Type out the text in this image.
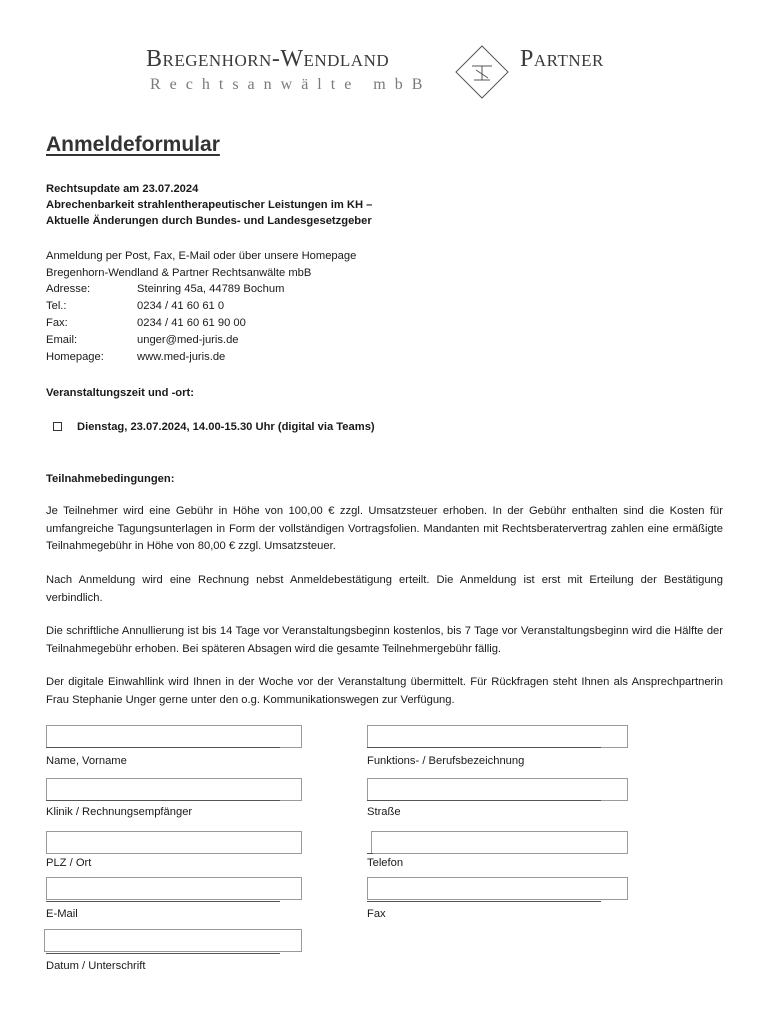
Bregenhorn-Wendland	Partner
Rechtsanwälte mbB
Anmeldeformular
Rechtsupdate am 23.07.2024
Abrechenbarkeit strahlentherapeutischer Leistungen im KH –
Aktuelle Änderungen durch Bundes- und Landesgesetzgeber
Anmeldung per Post, Fax, E-Mail oder über unsere Homepage
Bregenhorn-Wendland & Partner Rechtsanwälte mbB
Adresse:	Steinring 45a, 44789 Bochum
Tel.:	0234 / 41 60 61 0
Fax:	0234 / 41 60 61 90 00
Email:	unger@med-juris.de
Homepage:	www.med-juris.de
Veranstaltungszeit und -ort:
Dienstag, 23.07.2024, 14.00-15.30 Uhr (digital via Teams)
Teilnahmebedingungen:
Je Teilnehmer wird eine Gebühr in Höhe von 100,00 € zzgl. Umsatzsteuer erhoben. In der Gebühr enthalten sind die Kosten für umfangreiche Tagungsunterlagen in Form der vollständigen Vortragsfolien. Mandanten mit Rechtsberatervertrag zahlen eine ermäßigte Teilnahmegebühr in Höhe von 80,00 € zzgl. Umsatzsteuer.
Nach Anmeldung wird eine Rechnung nebst Anmeldebestätigung erteilt. Die Anmeldung ist erst mit Erteilung der Bestätigung verbindlich.
Die schriftliche Annullierung ist bis 14 Tage vor Veranstaltungsbeginn kostenlos, bis 7 Tage vor Veranstaltungsbeginn wird die Hälfte der Teilnahmegebühr erhoben. Bei späteren Absagen wird die gesamte Teilnehmergebühr fällig.
Der digitale Einwahllink wird Ihnen in der Woche vor der Veranstaltung übermittelt. Für Rückfragen steht Ihnen als Ansprechpartnerin Frau Stephanie Unger gerne unter den o.g. Kommunikationswegen zur Verfügung.
Name, Vorname	Funktions- / Berufsbezeichnung
Klinik / Rechnungsempfänger	Straße
PLZ / Ort	Telefon
E-Mail	Fax
Datum / Unterschrift
